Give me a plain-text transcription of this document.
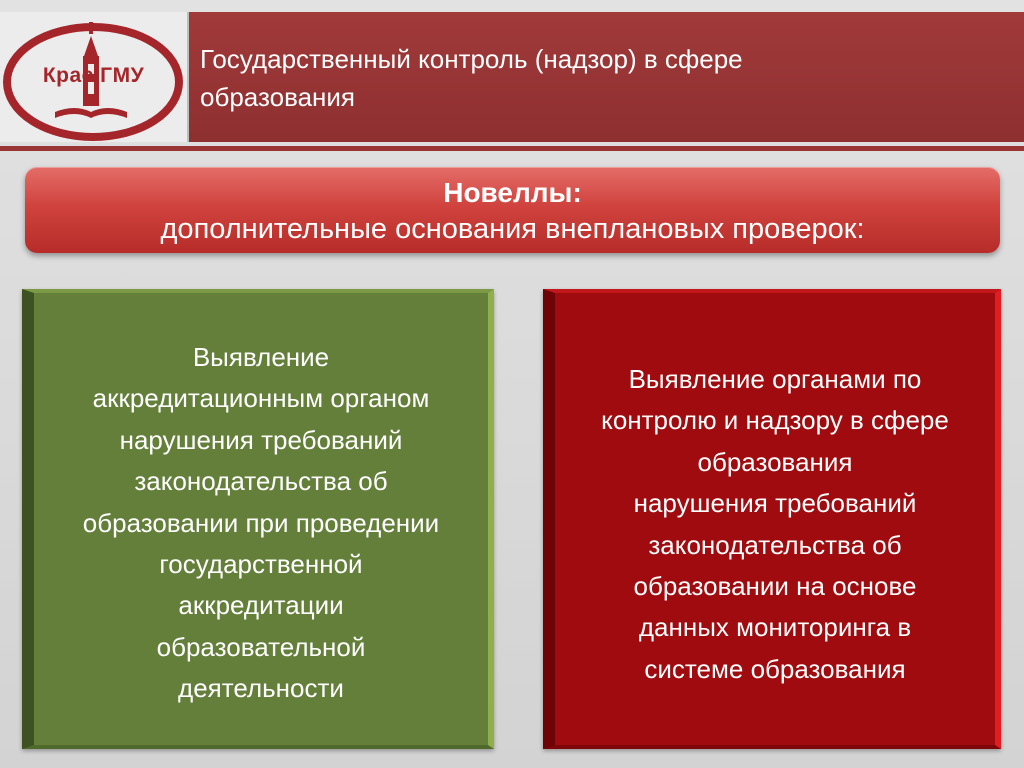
Крас ГМУ
Государственный контроль (надзор) в сфере
образования
Новеллы:
дополнительные основания внеплановых проверок:
Выявление
аккредитационным органом
нарушения требований
законодательства об
образовании при проведении
государственной
аккредитации
образовательной
деятельности
Выявление органами по
контролю и надзору в сфере
образования
нарушения требований
законодательства об
образовании на основе
данных мониторинга в
системе образования
